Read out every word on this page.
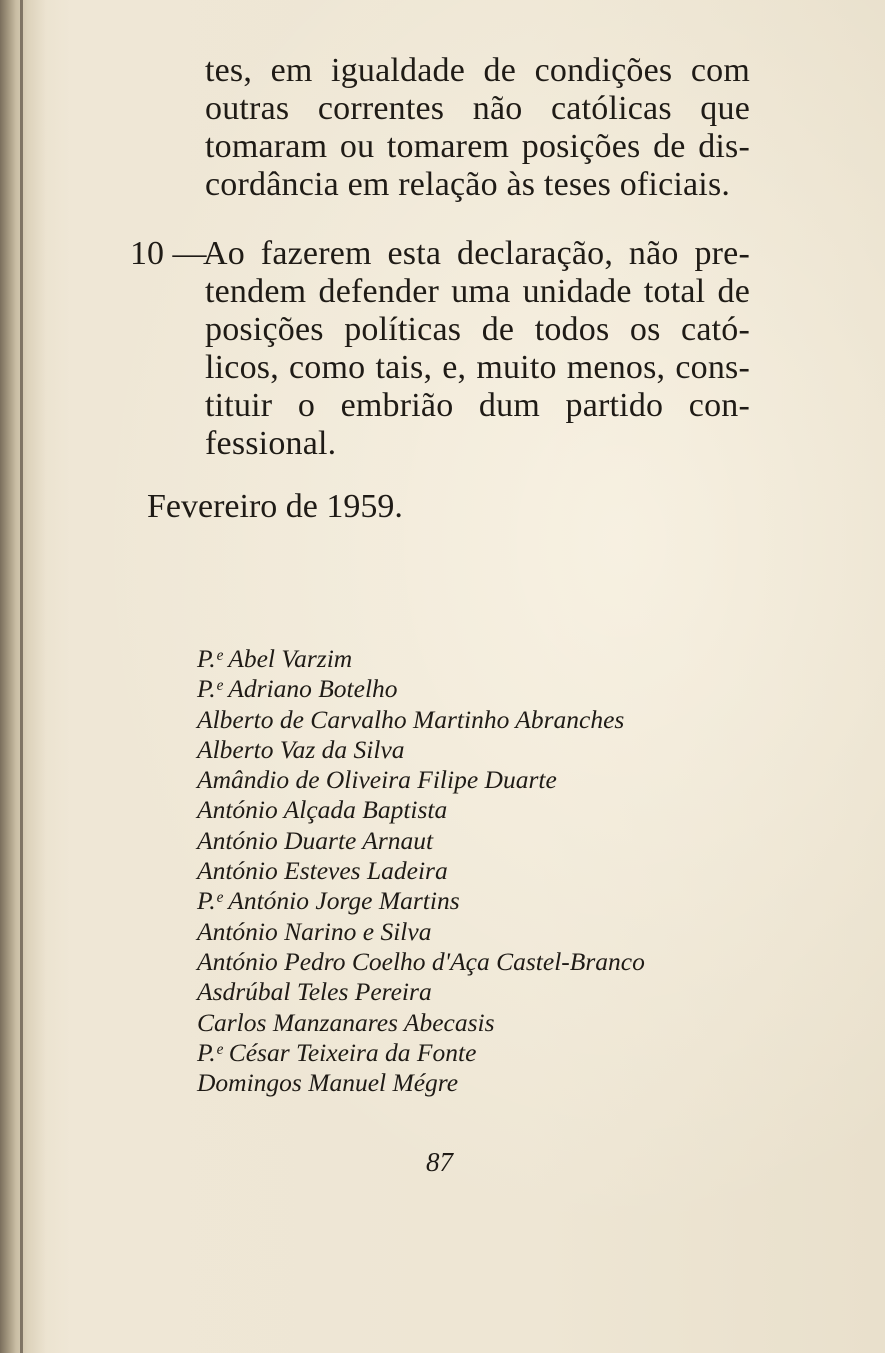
tes, em igualdade de condições com
outras correntes não católicas que
tomaram ou tomarem posições de dis-
cordância em relação às teses oficiais.
10 —
Ao fazerem esta declaração, não pre-
tendem defender uma unidade total de
posições políticas de todos os cató-
licos, como tais, e, muito menos, cons-
tituir o embrião dum partido con-
fessional.
Fevereiro de 1959.
P.ᵉ Abel Varzim
P.ᵉ Adriano Botelho
Alberto de Carvalho Martinho Abranches
Alberto Vaz da Silva
Amândio de Oliveira Filipe Duarte
António Alçada Baptista
António Duarte Arnaut
António Esteves Ladeira
P.ᵉ António Jorge Martins
António Narino e Silva
António Pedro Coelho d'Aça Castel-Branco
Asdrúbal Teles Pereira
Carlos Manzanares Abecasis
P.ᵉ César Teixeira da Fonte
Domingos Manuel Mégre
87
